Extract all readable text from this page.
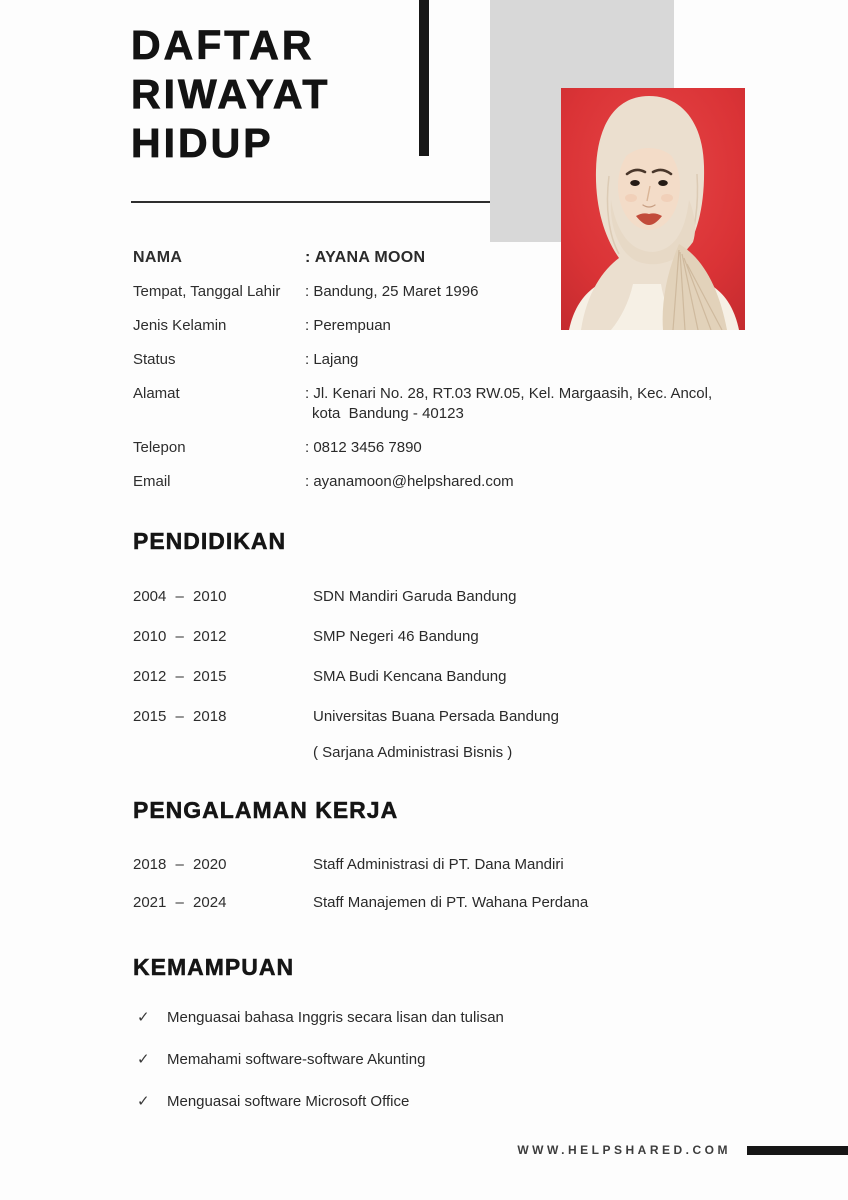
DAFTAR
RIWAYAT
HIDUP
NAMA	: AYANA MOON
Tempat, Tanggal Lahir	: Bandung, 25 Maret 1996
Jenis Kelamin	: Perempuan
Status	: Lajang
Alamat	: Jl. Kenari No. 28, RT.03 RW.05, Kel. Margaasih, Kec. Ancol,
kota  Bandung - 40123
Telepon	: 0812 3456 7890
Email	: ayanamoon@helpshared.com
PENDIDIKAN
2004 – 2010	SDN Mandiri Garuda Bandung
2010 – 2012	SMP Negeri 46 Bandung
2012 – 2015	SMA Budi Kencana Bandung
2015 – 2018	Universitas Buana Persada Bandung
( Sarjana Administrasi Bisnis )
PENGALAMAN KERJA
2018 – 2020	Staff Administrasi di PT. Dana Mandiri
2021 – 2024	Staff Manajemen di PT. Wahana Perdana
KEMAMPUAN
✓	Menguasai bahasa Inggris secara lisan dan tulisan
✓	Memahami software-software Akunting
✓	Menguasai software Microsoft Office
WWW.HELPSHARED.COM
